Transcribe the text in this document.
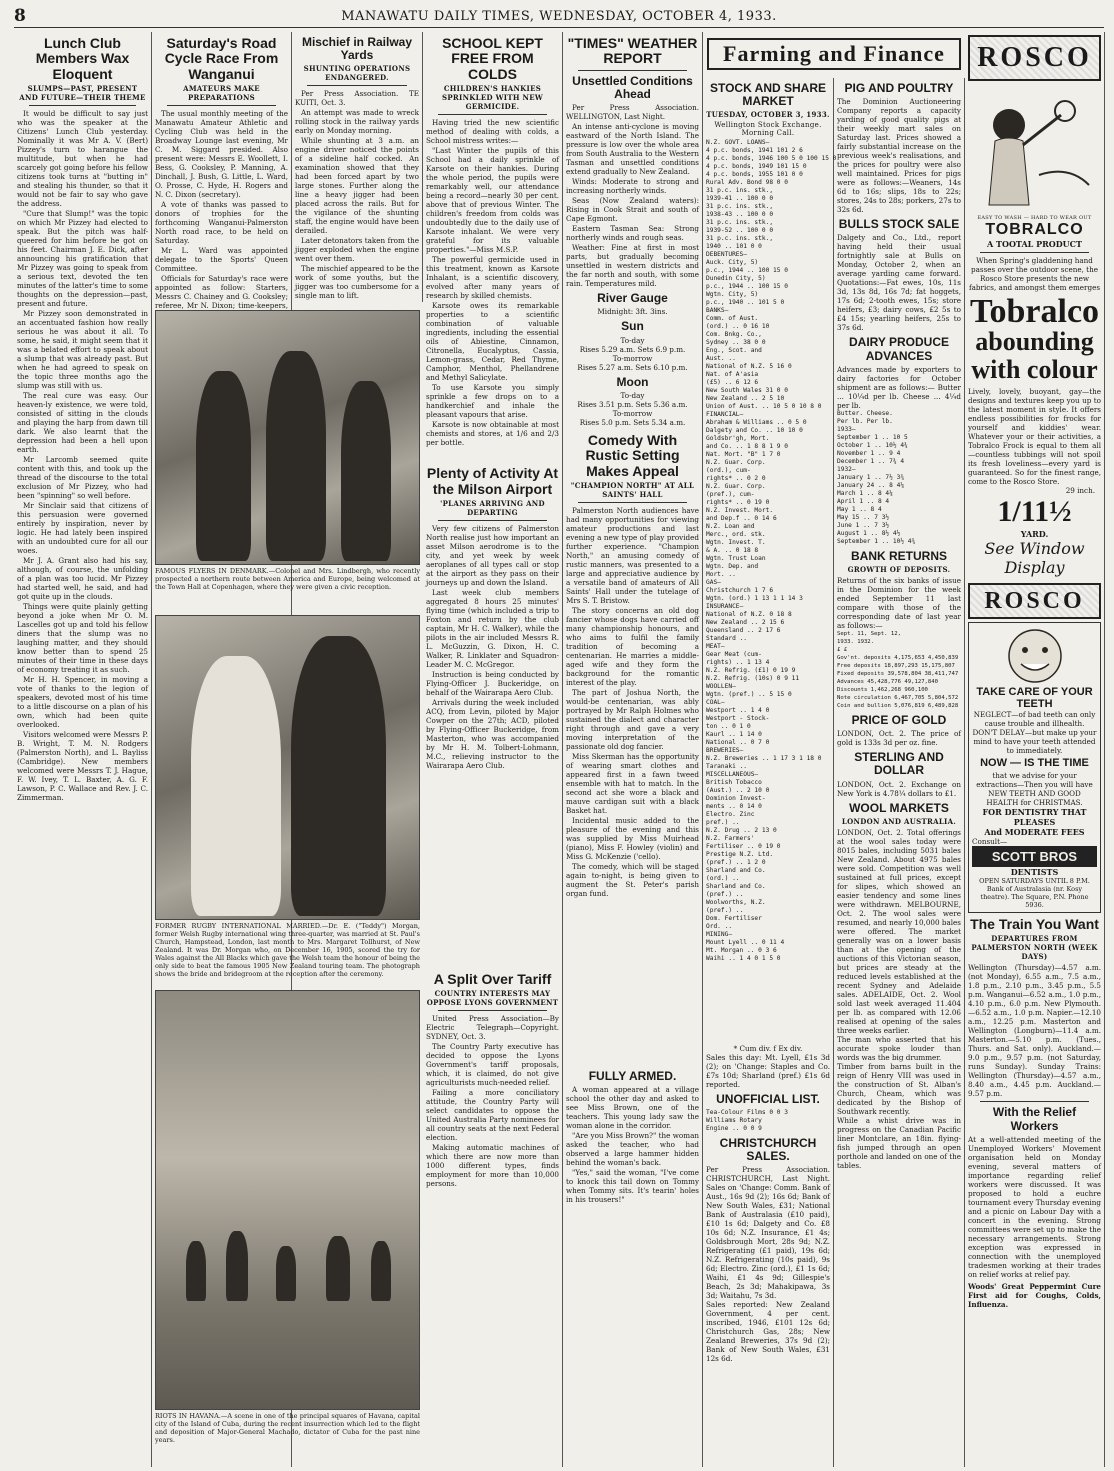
8	MANAWATU DAILY TIMES, WEDNESDAY, OCTOBER 4, 1933.
Lunch Club Members Wax Eloquent
SLUMPS—PAST, PRESENT AND FUTURE—THEIR THEME

It would be difficult to say just who was the speaker at the Citizens' Lunch Club yesterday. Nominally it was Mr A. V. (Bert) Pizzey's turn to harangue the multitude, but when he had scarcely got going before his fellow citizens took turns at "butting in" and stealing his thunder, so that it would not be fair to say who gave the address.

"Cure that Slump!" was the topic on which Mr Pizzey had elected to speak. But the pitch was half-queered for him before he got on his feet. Chairman J. E. Dick, after announcing his gratification that Mr Pizzey was going to speak from a serious text, devoted the ten minutes of the latter's time to some thoughts on the depression—past, present and future.

Mr Pizzey soon demonstrated in an accentuated fashion how really serious he was about it all. To some, he said, it might seem that it was a belated effort to speak about a slump that was already past. But when he had agreed to speak on the topic three months ago the slump was still with us.

The real cure was easy. Our heaven-ly existence, we were told, consisted of sitting in the clouds and playing the harp from dawn till dark. We also learnt that the depression had been a hell upon earth.

Mr Larcomb seemed quite content with this, and took up the thread of the discourse to the total exclusion of Mr Pizzey, who had been "spinning" so well before.

Mr Sinclair said that citizens of this persuasion were governed entirely by inspiration, never by logic. He had lately been inspired with an undoubted cure for all our woes.

Mr J. A. Grant also had his say, although, of course, the unfolding of a plan was too lucid. Mr Pizzey had started well, he said, and had got quite up in the clouds.

Things were quite plainly getting beyond a joke when Mr O. M. Lascelles got up and told his fellow diners that the slump was no laughing matter, and they should know better than to spend 25 minutes of their time in these days of economy treating it as such.

Mr H. H. Spencer, in moving a vote of thanks to the legion of speakers, devoted most of his time to a little discourse on a plan of his own, which had been quite overlooked.

Visitors welcomed were Messrs P. B. Wright, T. M. N. Rodgers (Palmerston North), and L. Bayliss (Cambridge). New members welcomed were Messrs T. J. Hague, F. W. Ivey, T. L. Baxter, A. G. F. Lawson, P. C. Wallace and Rev. J. C. Zimmerman.

Saturday's Road Cycle Race From Wanganui
AMATEURS MAKE PREPARATIONS

The usual monthly meeting of the Manawatu Amateur Athletic and Cycling Club was held in the Broadway Lounge last evening, Mr C. M. Siggard presided. Also present were: Messrs E. Woollett, I. Bess, G. Cooksley, P. Manning, A. Dinchall, J. Bush, G. Little, L. Ward, O. Prosse, C. Hyde, H. Rogers and N. C. Dixon (secretary).

A vote of thanks was passed to donors of trophies for the forthcoming Wanganui-Palmerston North road race, to be held on Saturday.

Mr L. Ward was appointed delegate to the Sports' Queen Committee.

Officials for Saturday's race were appointed as follow: Starters, Messrs C. Chainey and G. Cooksley; referee, Mr N. Dixon; time-keepers,

Mischief in Railway Yards
SHUNTING OPERATIONS ENDANGERED.

Per Press Association. TE KUITI, Oct. 3.

An attempt was made to wreck rolling stock in the railway yards early on Monday morning.

While shunting at 3 a.m. an engine driver noticed the points of a sideline half cocked. An examination showed that they had been forced apart by two large stones. Further along the line a heavy jigger had been placed across the rails. But for the vigilance of the shunting staff, the engine would have been derailed.

Later detonators taken from the jigger exploded when the engine went over them.

The mischief appeared to be the work of some youths, but the jigger was too cumbersome for a single man to lift.

FAMOUS FLYERS IN DENMARK.—Colonel and Mrs. Lindbergh, who recently prospected a northern route between America and Europe, being welcomed at the Town Hall at Copenhagen, where they were given a civic reception.
FORMER RUGBY INTERNATIONAL MARRIED.—Dr. E. ("Teddy") Morgan, former Welsh Rugby international wing three-quarter, was married at St. Paul's Church, Hampstead, London, last month to Mrs. Margaret Tollhurst, of New Zealand. It was Dr. Morgan who, on December 16, 1905, scored the try for Wales against the All Blacks which gave the Welsh team the honour of being the only side to beat the famous 1905 New Zealand touring team. The photograph shows the bride and bridegroom at the reception after the ceremony.
RIOTS IN HAVANA.—A scene in one of the principal squares of Havana, capital city of the Island of Cuba, during the recent insurrection which led to the flight and deposition of Major-General Machado, dictator of Cuba for the past nine years.
SCHOOL KEPT FREE FROM COLDS
CHILDREN'S HANKIES SPRINKLED WITH NEW GERMICIDE.

Having tried the new scientific method of dealing with colds, a School mistress writes:—

"Last Winter the pupils of this School had a daily sprinkle of Karsote on their hankies. During the whole period, the pupils were remarkably well, our attendance being a record—nearly 30 per cent. above that of previous Winter. The children's freedom from colds was undoubtedly due to the daily use of Karsote inhalant. We were very grateful for its valuable properties."—Miss M.S.P.

The powerful germicide used in this treatment, known as Karsote Inhalant, is a scientific discovery, evolved after many years of research by skilled chemists.

Karsote owes its remarkable properties to a scientific combination of valuable ingredients, including the essential oils of Abiestine, Cinnamon, Citronella, Eucalyptus, Cassia, Lemon-grass, Cedar, Red Thyme, Camphor, Menthol, Phellandrene and Methyl Salicylate.

To use Karsote you simply sprinkle a few drops on to a handkerchief and inhale the pleasant vapours that arise.

Karsote is now obtainable at most chemists and stores, at 1/6 and 2/3 per bottle.

Plenty of Activity At the Milson Airport
'PLANES ARRIVING AND DEPARTING

Very few citizens of Palmerston North realise just how important an asset Milson aerodrome is to the city, and yet week by week aeroplanes of all types call or stop at the airport as they pass on their journeys up and down the Island.

Last week club members aggregated 8 hours 25 minutes' flying time (which included a trip to Foxton and return by the club captain, Mr H. C. Walker), while the pilots in the air included Messrs R. L. McGuzzin, G. Dixon, H. C. Walker, R. Linklater and Squadron-Leader M. C. McGregor.

Instruction is being conducted by Flying-Officer J. Buckeridge, on behalf of the Wairarapa Aero Club.

Arrivals during the week included ACQ, from Levin, piloted by Major Cowper on the 27th; ACD, piloted by Flying-Officer Buckeridge, from Masterton, who was accompanied by Mr H. M. Tolbert-Lohmann, M.C., relieving instructor to the Wairarapa Aero Club.

A Split Over Tariff
COUNTRY INTERESTS MAY OPPOSE LYONS GOVERNMENT

United Press Association—By Electric Telegraph—Copyright. SYDNEY, Oct. 3.

The Country Party executive has decided to oppose the Lyons Government's tariff proposals, which, it is claimed, do not give agriculturists much-needed relief.

Failing a more conciliatory attitude, the Country Party will select candidates to oppose the United Australia Party nominees for all country seats at the next Federal election.

Making automatic machines of which there are now more than 1000 different types, finds employment for more than 10,000 persons.

"TIMES" WEATHER REPORT
Unsettled Conditions Ahead

Per Press Association. WELLINGTON, Last Night.

An intense anti-cyclone is moving eastward of the North Island. The pressure is low over the whole area from South Australia to the Western Tasman and unsettled conditions extend gradually to New Zealand.

Winds: Moderate to strong and increasing northerly winds.

Seas (Now Zealand waters): Rising in Cook Strait and south of Cape Egmont.

Eastern Tasman Sea: Strong northerly winds and rough seas.

Weather: Fine at first in most parts, but gradually becoming unsettled in western districts and the far north and south, with some rain. Temperatures mild.

River Gauge
Midnight: 3ft. 3ins.
Sun
To-day
Rises 5.29 a.m. Sets 6.9 p.m.
To-morrow
Rises 5.27 a.m. Sets 6.10 p.m.
Moon
To-day
Rises 3.51 p.m. Sets 5.36 a.m.
To-morrow
Rises 5.0 p.m. Sets 5.34 a.m.
Comedy With Rustic Setting Makes Appeal
"CHAMPION NORTH" AT ALL SAINTS' HALL

Palmerston North audiences have had many opportunities for viewing amateur productions and last evening a new type of play provided further experience. "Champion North," an amusing comedy of rustic manners, was presented to a large and appreciative audience by a versatile band of amateurs of All Saints' Hall under the tutelage of Mrs S. T. Bristow.

The story concerns an old dog fancier whose dogs have carried off many championship honours, and who aims to fulfil the family tradition of becoming a centenarian. He marries a middle-aged wife and they form the background for the romantic interest of the play.

The part of Joshua North, the would-be centenarian, was ably portrayed by Mr Ralph Holmes who sustained the dialect and character right through and gave a very moving interpretation of the passionate old dog fancier.

Miss Skerman has the opportunity of wearing smart clothes and appeared first in a fawn tweed ensemble with hat to match. In the second act she wore a black and mauve cardigan suit with a black Basket hat.

Incidental music added to the pleasure of the evening and this was supplied by Miss Muirhead (piano), Miss F. Howley (violin) and Miss G. McKenzie ('cello).

The comedy, which will be staged again to-night, is being given to augment the St. Peter's parish organ fund.

FULLY ARMED.

A woman appeared at a village school the other day and asked to see Miss Brown, one of the teachers. This young lady saw the woman alone in the corridor.

"Are you Miss Brown?" the woman asked the teacher, who had observed a large hammer hidden behind the woman's back.

"Yes," said the woman, "I've come to knock this tail down on Tommy when Tommy sits. It's tearin' holes in his trousers!"

Farming and Finance
STOCK AND SHARE MARKET
TUESDAY, OCTOBER 3, 1933.
Wellington Stock Exchange. Morning Call.
N.Z. GOVT. LOANS—
4 p.c. bonds, 1941 101 2 6
4 p.c. bonds, 1946 100 5 0 100 15 0
4 p.c. bonds, 1949 101 15 0
4 p.c. bonds, 1955 101 0 0
Rural Adv. Bond 98 0 0
31 p.c. ins. stk.,
1939-41 .. 100 0 0
31 p.c. ins. stk.,
1938-43 .. 100 0 0
31 p.c. ins. stk.,
1939-52 .. 100 0 0
31 p.c. ins. stk.,
1940 .. 101 0 0
DEBENTURES—
Auck. City, 5)
p.c., 1944 .. 100 15 0
Dunedin City, 5)
p.c., 1944 .. 100 15 0
Wgtn. City, 5)
p.c., 1940 .. 101 5 0
BANKS—
Comm. of Aust.
(ord.) .. 0 16 10
Com. Bnkg. Co.,
Sydney .. 38 0 0
Eng., Scot. and
Aust. ..
National of N.Z. 5 16 0
Nat. of A'asia
(£5) .. 6 12 6
New South Wales 31 0 0
New Zealand .. 2 5 10
Union of Aust. .. 10 5 0 10 8 0
FINANCIAL—
Abraham & Williams .. 0 5 0
Dalgety and Co. .. 10 10 0
Goldsbr'gh, Mort.
and Co. .. 1 8 8 1 9 0
Nat. Mort. "B" 1 7 0
N.Z. Guar. Corp.
(ord.), cum-
rights* .. 0 2 0
N.Z. Guar. Corp.
(pref.), cum-
rights* .. 0 19 0
N.Z. Invest. Mort.
and Dep.f .. 0 14 6
N.Z. Loan and
Merc., ord. stk.
Wgtn. Invest. T.
& A. .. 0 18 8
Wgtn. Trust Loan
Wgtn. Dep. and
Mort. ..
GAS—
Christchurch 1 7 6
Wgtn. (ord.) 1 13 1 1 14 3
INSURANCE—
National of N.Z. 0 18 8
New Zealand .. 2 15 6
Queensland .. 2 17 6
Standard ..
MEAT—
Gear Meat (cum-
rights) .. 1 13 4
N.Z. Refrig. (£1) 0 19 9
N.Z. Refrig. (10s) 0 9 11
WOOLLEN—
Wgtn. (pref.) .. 5 15 0
COAL—
Westport .. 1 4 0
Westport - Stock-
ton .. 0 1 0
Kaurl .. 1 14 0
National .. 0 7 0
BREWERIES—
N.Z. Breweries .. 1 17 3 1 18 0
Taranaki ..
MISCELLANEOUS—
British Tobacco
(Aust.) .. 2 10 0
Dominion Invest-
ments .. 0 14 0
Electro. Zinc
pref.) ..
N.Z. Drug .. 2 13 0
N.Z. Farmers'
Fertiliser .. 0 19 0
Prestige N.Z. Ltd.
(pref.) .. 1 2 0
Sharland and Co.
(ord.) ..
Sharland and Co.
(pref.) ..
Woolworths, N.Z.
(pref.) ..
Dom. Fertiliser
Ord. ..
MINING—
Mount Lyell .. 0 11 4
Mt. Morgan .. 0 3 6
Waihi .. 1 4 0 1 5 0
* Cum div. f Ex div.
Sales this day: Mt. Lyell, £1s 3d (2); on 'Change: Staples and Co. £7s 10d; Sharland (pref.) £1s 6d reported.
UNOFFICIAL LIST.
Tea-Colour Films 0 0 3
Williams Rotary
Engine .. 0 0 9
CHRISTCHURCH SALES.
Per Press Association. CHRISTCHURCH, Last Night. Sales on 'Change: Comm. Bank of Aust., 16s 9d (2); 16s 6d; Bank of New South Wales, £31; National Bank of Australasia (£10 paid), £10 1s 6d; Dalgety and Co. £8 10s 6d; N.Z. Insurance, £1 4s; Goldsbrough Mort, 28s 9d; N.Z. Refrigerating (£1 paid), 19s 6d; N.Z. Refrigerating (10s paid), 9s 6d; Electro. Zinc (ord.), £1 1s 6d; Waihi, £1 4s 9d; Gillespie's Beach, 2s 3d; Mahakipawa, 3s 3d; Waitahu, 7s 3d.
Sales reported: New Zealand Government, 4 per cent. inscribed, 1946, £101 12s 6d; Christchurch Gas, 28s; New Zealand Breweries, 37s 9d (2); Bank of New South Wales, £31 12s 6d.
PIG AND POULTRY
The Dominion Auctioneering Company reports a capacity yarding of good quality pigs at their weekly mart sales on Saturday last. Prices showed a fairly substantial increase on the previous week's realisations, and the prices for poultry were also well maintained. Prices for pigs were as follows:—Weaners, 14s 6d to 16s; slips, 18s to 22s; stores, 24s to 28s; porkers, 27s to 32s 6d.
BULLS STOCK SALE
Dalgety and Co., Ltd., report having held their usual fortnightly sale at Bulls on Monday, October 2, when an average yarding came forward. Quotations:—Fat ewes, 10s, 11s 3d, 13s 8d, 16s 7d; fat hoggets, 17s 6d; 2-tooth ewes, 15s; store heifers, £3; dairy cows, £2 5s to £4 15s; yearling heifers, 25s to 37s 6d.
DAIRY PRODUCE ADVANCES
Advances made by exporters to dairy factories for October shipment are as follows:— Butter ... 10¼d per lb. Cheese ... 4¼d per lb.
Butter. Cheese.
Per lb. Per lb.
1933—
September 1 .. 10 5
October 1 .. 10½ 4¾
November 1 .. 9 4
December 1 .. 7¾ 4
1932—
January 1 .. 7½ 3¾
January 24 .. 8 4¼
March 1 .. 8 4¼
April 1 .. 8 4
May 1 .. 8 4
May 15 .. 7 3½
June 1 .. 7 3½
August 1 .. 8½ 4½
September 1 .. 10½ 4¾
BANK RETURNS
GROWTH OF DEPOSITS.
Returns of the six banks of issue in the Dominion for the week ended September 11 last compare with those of the corresponding date of last year as follows:—
Sept. 11, Sept. 12,
1933. 1932.
£ £
Gov'nt. deposits 4,175,653 4,450,839
Free deposits 18,897,293 15,175,807
Fixed deposits 39,578,804 38,411,747
Advances 45,428,776 49,127,840
Discounts 1,462,268 960,100
Note circulation 6,467,705 5,804,572
Coin and bullion 5,076,819 6,489,828
PRICE OF GOLD
LONDON, Oct. 2. The price of gold is 133s 3d per oz. fine.
STERLING AND DOLLAR
LONDON, Oct. 2. Exchange on New York is 4.78¼ dollars to £1.
WOOL MARKETS
LONDON AND AUSTRALIA.
LONDON, Oct. 2. Total offerings at the wool sales today were 8015 bales, including 5031 bales New Zealand. About 4975 bales were sold. Competition was well sustained at full prices, except for slipes, which showed an easier tendency and some lines were withdrawn. MELBOURNE, Oct. 2. The wool sales were resumed, and nearly 10,000 bales were offered. The market generally was on a lower basis than at the opening of the auctions of this Victorian season, but prices are steady at the reduced levels established at the recent Sydney and Adelaide sales. ADELAIDE, Oct. 2. Wool sold last week averaged 11.404 per lb. as compared with 12.06 realised at opening of the sales three weeks earlier.
The man who asserted that his accurate spoke louder than words was the big drummer.
Timber from barns built in the reign of Henry VIII was used in the construction of St. Alban's Church, Cheam, which was dedicated by the Bishop of Southwark recently.
While a whist drive was in progress on the Canadian Pacific liner Montclare, an 18in. flying-fish jumped through an open porthole and landed on one of the tables.
ROSCO
EASY TO WASH — HARD TO WEAR OUT
TOBRALCO
A TOOTAL PRODUCT
When Spring's gladdening hand passes over the outdoor scene, the Rosco Store presents the new fabrics, and amongst them emerges
Tobralco
abounding with colour
Lively, lovely, buoyant, gay—the designs and textures keep you up to the latest moment in style. It offers endless possibilities for frocks for yourself and kiddies' wear. Whatever your or their activities, a Tobralco Frock is equal to them all—countless tubbings will not spoil its fresh loveliness—every yard is guaranteed. So for the finest range, come to the Rosco Store.
29 inch.
1/11½
YARD.
See Window Display
ROSCO
TAKE CARE OF YOUR TEETH
NEGLECT—of bad teeth can only cause trouble and illhealth. DON'T DELAY—but make up your mind to have your teeth attended to immediately.
NOW — IS THE TIME
that we advise for your extractions—Then you will have NEW TEETH AND GOOD HEALTH for CHRISTMAS.
FOR DENTISTRY THAT PLEASES
And MODERATE FEES
Consult—
SCOTT BROS
DENTISTS
OPEN SATURDAYS UNTIL 8 P.M.
Bank of Australasia (nr. Kosy theatre). The Square, P.N. Phone 5936.
The Train You Want
DEPARTURES FROM PALMERSTON NORTH (WEEK DAYS)
Wellington (Thursday)—4.57 a.m. (not Monday), 6.55 a.m., 7.5 a.m., 1.8 p.m., 2.10 p.m., 3.45 p.m., 5.5 p.m. Wanganui—6.52 a.m., 1.0 p.m., 4.10 p.m., 6.0 p.m. New Plymouth.—6.52 a.m., 1.0 p.m. Napier.—12.10 a.m., 12.25 p.m. Masterton and Wellington (Longburn)—11.4 a.m. Masterton.—5.10 p.m. (Tues., Thurs. and Sat. only). Auckland.—9.0 p.m., 9.57 p.m. (not Saturday, runs Sunday). Sunday Trains: Wellington (Thursday)—4.57 a.m., 8.40 a.m., 4.45 p.m. Auckland.—9.57 p.m.
With the Relief Workers
At a well-attended meeting of the Unemployed Workers' Movement organisation held on Monday evening, several matters of importance regarding relief workers were discussed. It was proposed to hold a euchre tournament every Thursday evening and a picnic on Labour Day with a concert in the evening. Strong committees were set up to make the necessary arrangements. Strong exception was expressed in connection with the unemployed tradesmen working at their trades on relief works at relief pay.
Woods' Great Peppermint Cure First aid for Coughs, Colds, Influenza.
